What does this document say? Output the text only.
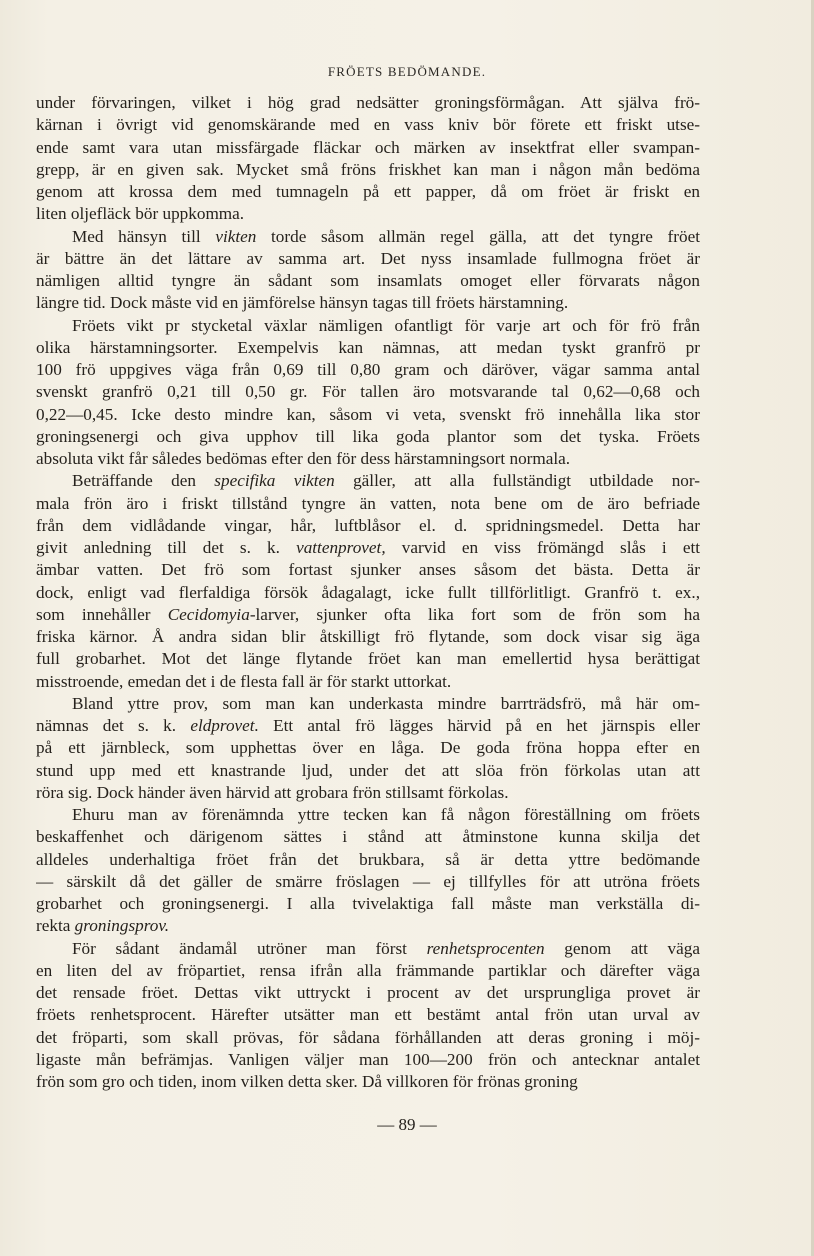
FRÖETS BEDÖMANDE.
under förvaringen, vilket i hög grad nedsätter groningsförmågan. Att själva frö-
kärnan i övrigt vid genomskärande med en vass kniv bör förete ett friskt utse-
ende samt vara utan missfärgade fläckar och märken av insektfrat eller svampan-
grepp, är en given sak. Mycket små fröns friskhet kan man i någon mån bedöma
genom att krossa dem med tumnageln på ett papper, då om fröet är friskt en
liten oljefläck bör uppkomma.
Med hänsyn till vikten torde såsom allmän regel gälla, att det tyngre fröet
är bättre än det lättare av samma art. Det nyss insamlade fullmogna fröet är
nämligen alltid tyngre än sådant som insamlats omoget eller förvarats någon
längre tid. Dock måste vid en jämförelse hänsyn tagas till fröets härstamning.
Fröets vikt pr stycketal växlar nämligen ofantligt för varje art och för frö från
olika härstamningsorter. Exempelvis kan nämnas, att medan tyskt granfrö pr
100 frö uppgives väga från 0,69 till 0,80 gram och däröver, vägar samma antal
svenskt granfrö 0,21 till 0,50 gr. För tallen äro motsvarande tal 0,62—0,68 och
0,22—0,45. Icke desto mindre kan, såsom vi veta, svenskt frö innehålla lika stor
groningsenergi och giva upphov till lika goda plantor som det tyska. Fröets
absoluta vikt får således bedömas efter den för dess härstamningsort normala.
Beträffande den specifika vikten gäller, att alla fullständigt utbildade nor-
mala frön äro i friskt tillstånd tyngre än vatten, nota bene om de äro befriade
från dem vidlådande vingar, hår, luftblåsor el. d. spridningsmedel. Detta har
givit anledning till det s. k. vattenprovet, varvid en viss frömängd slås i ett
ämbar vatten. Det frö som fortast sjunker anses såsom det bästa. Detta är
dock, enligt vad flerfaldiga försök ådagalagt, icke fullt tillförlitligt. Granfrö t. ex.,
som innehåller Cecidomyia-larver, sjunker ofta lika fort som de frön som ha
friska kärnor. Å andra sidan blir åtskilligt frö flytande, som dock visar sig äga
full grobarhet. Mot det länge flytande fröet kan man emellertid hysa berättigat
misstroende, emedan det i de flesta fall är för starkt uttorkat.
Bland yttre prov, som man kan underkasta mindre barrträdsfrö, må här om-
nämnas det s. k. eldprovet. Ett antal frö lägges härvid på en het järnspis eller
på ett järnbleck, som upphettas över en låga. De goda fröna hoppa efter en
stund upp med ett knastrande ljud, under det att slöa frön förkolas utan att
röra sig. Dock händer även härvid att grobara frön stillsamt förkolas.
Ehuru man av förenämnda yttre tecken kan få någon föreställning om fröets
beskaffenhet och därigenom sättes i stånd att åtminstone kunna skilja det
alldeles underhaltiga fröet från det brukbara, så är detta yttre bedömande
— särskilt då det gäller de smärre fröslagen — ej tillfylles för att utröna fröets
grobarhet och groningsenergi. I alla tvivelaktiga fall måste man verkställa di-
rekta groningsprov.
För sådant ändamål utröner man först renhetsprocenten genom att väga
en liten del av fröpartiet, rensa ifrån alla främmande partiklar och därefter väga
det rensade fröet. Dettas vikt uttryckt i procent av det ursprungliga provet är
fröets renhetsprocent. Härefter utsätter man ett bestämt antal frön utan urval av
det fröparti, som skall prövas, för sådana förhållanden att deras groning i möj-
ligaste mån befrämjas. Vanligen väljer man 100—200 frön och antecknar antalet
frön som gro och tiden, inom vilken detta sker. Då villkoren för frönas groning
— 89 —
